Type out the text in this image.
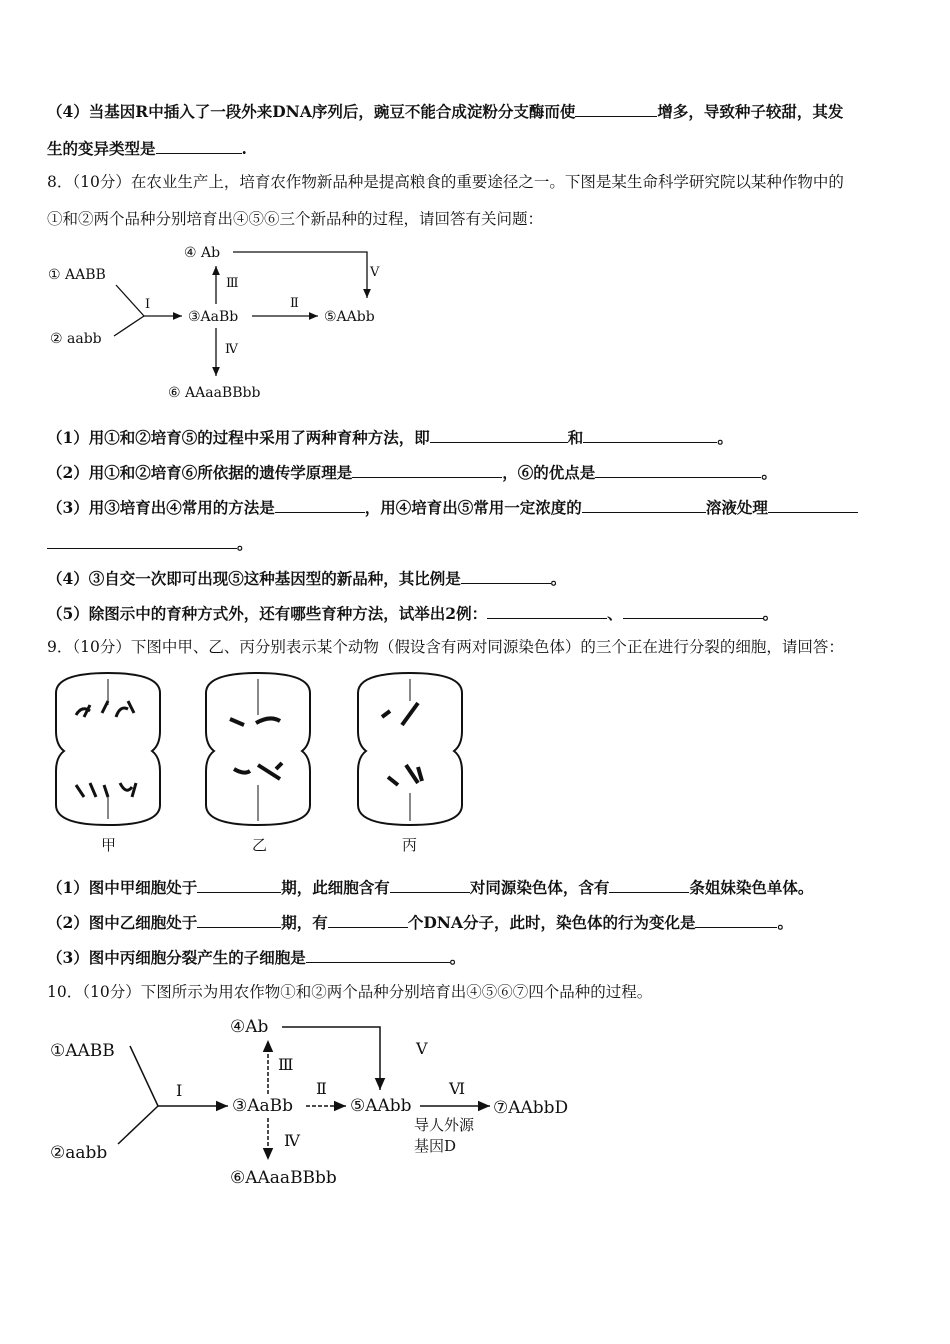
（4）当基因R中插入了一段外来DNA序列后，豌豆不能合成淀粉分支酶而使	增多，导致种子较甜，其发
生的变异类型是	.
8．（10分）在农业生产上，培育农作物新品种是提高粮食的重要途径之一。下图是某生命科学研究院以某种作物中的
①和②两个品种分别培育出④⑤⑥三个新品种的过程，请回答有关问题：
① AABB
② aabb
Ⅰ
③AaBb
Ⅱ
⑤AAbb
Ⅲ
④ Ab
Ⅴ
Ⅳ
⑥ AAaaBBbb
（1）用①和②培育⑤的过程中采用了两种育种方法，即	和	。
（2）用①和②培育⑥所依据的遗传学原理是	，⑥的优点是	。
（3）用③培育出④常用的方法是	，用④培育出⑤常用一定浓度的	溶液处理
。
（4）③自交一次即可出现⑤这种基因型的新品种，其比例是	。
（5）除图示中的育种方式外，还有哪些育种方法，试举出2例：	、	。
9．（10分）下图中甲、乙、丙分别表示某个动物（假设含有两对同源染色体）的三个正在进行分裂的细胞，请回答：
甲	乙	丙
（1）图中甲细胞处于	期，此细胞含有	对同源染色体，含有	条姐妹染色单体。
（2）图中乙细胞处于	期，有	个DNA分子，此时，染色体的行为变化是	。
（3）图中丙细胞分裂产生的子细胞是	。
10．（10分）下图所示为用农作物①和②两个品种分别培育出④⑤⑥⑦四个品种的过程。
①AABB
②aabb
Ⅰ
③AaBb
Ⅱ
⑤AAbb
Ⅲ
④Ab
Ⅴ
Ⅵ
⑦AAbbD
导人外源
基因D
Ⅳ
⑥AAaaBBbb
